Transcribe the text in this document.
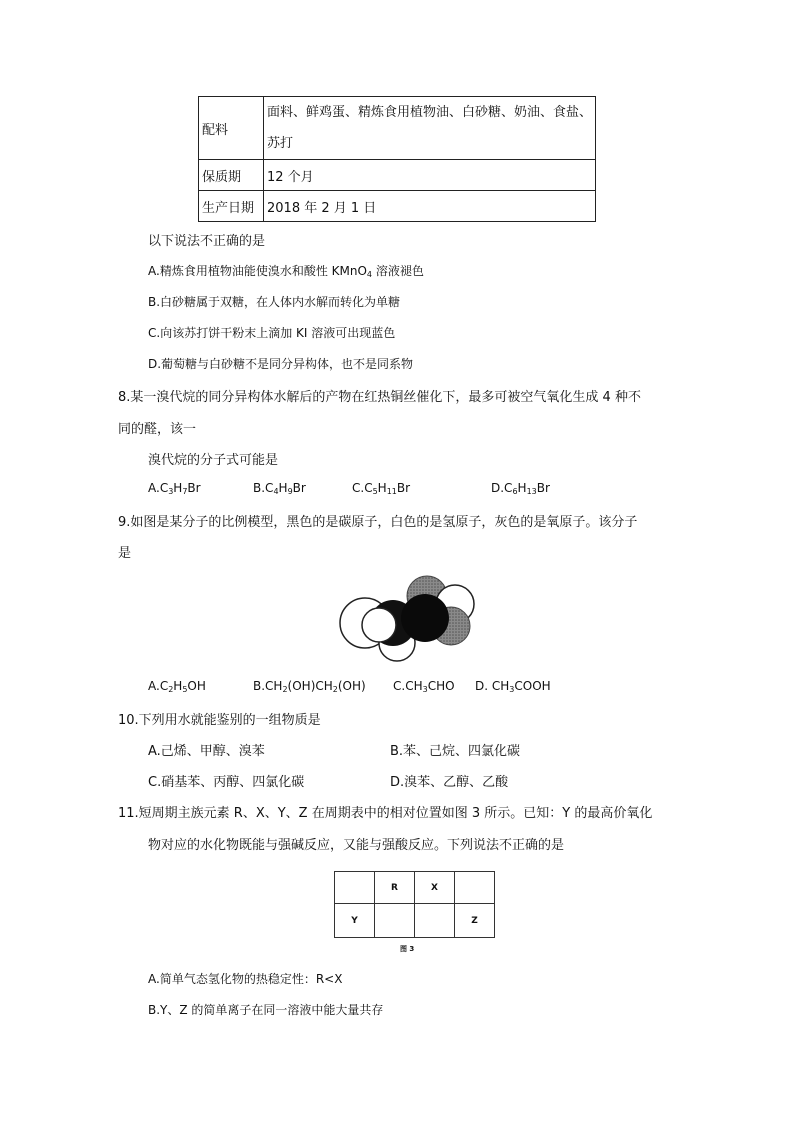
配料	面料、鲜鸡蛋、精炼食用植物油、白砂糖、奶油、食盐、苏打
保质期	12 个月
生产日期	2018 年 2 月 1 日
以下说法不正确的是
A.精炼食用植物油能使溴水和酸性 KMnO$_4$ 溶液褪色
B.白砂糖属于双糖，在人体内水解而转化为单糖
C.向该苏打饼干粉末上滴加 KI 溶液可出现蓝色
D.葡萄糖与白砂糖不是同分异构体，也不是同系物
8.某一溴代烷的同分异构体水解后的产物在红热铜丝催化下，最多可被空气氧化生成 4 种不
同的醛，该一
溴代烷的分子式可能是
$A.C_3H_7Br$	$B.C_4H_9Br$	$C.C_5H_{11}Br$	$D.C_6H_{13}Br$
9.如图是某分子的比例模型，黑色的是碳原子，白色的是氢原子，灰色的是氧原子。该分子
是
$A.C_2H_5OH$	$B.CH_2(OH)CH_2(OH)$ $C.CH_3CHO$ D. $CH_3COOH$
10.下列用水就能鉴别的一组物质是
A.己烯、甲醇、溴苯	B.苯、己烷、四氯化碳
C.硝基苯、丙醇、四氯化碳	D.溴苯、乙醇、乙酸
11.短周期主族元素 R、X、Y、Z 在周期表中的相对位置如图 3 所示。已知：Y 的最高价氧化
物对应的水化物既能与强碱反应，又能与强酸反应。下列说法不正确的是
	R	X	
Y			Z
图 3
A.简单气态氢化物的热稳定性：R<X
B.Y、Z 的简单离子在同一溶液中能大量共存
